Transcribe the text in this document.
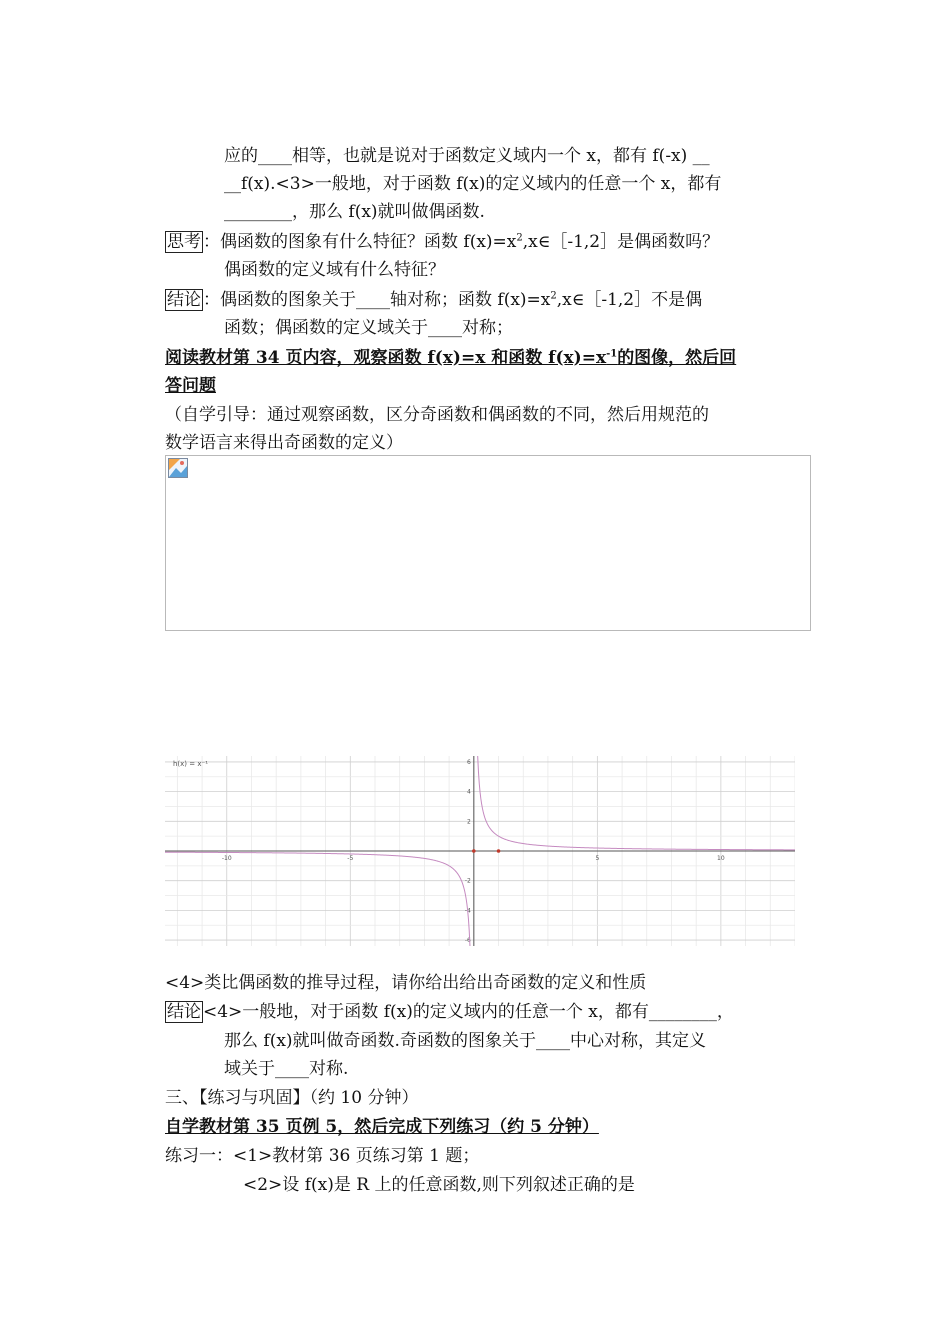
应的____相等，也就是说对于函数定义域内一个 x，都有 f(-x) __
__f(x).<3>一般地，对于函数 f(x)的定义域内的任意一个 x，都有
________，那么 f(x)就叫做偶函数.
思考 ：偶函数的图象有什么特征？函数 $f(x)=x^2,x\in[-1,2]$是偶函数吗？
偶函数的定义域有什么特征？
结论 ：偶函数的图象关于____轴对称；函数 $f(x)=x^2,x\in[-1,2]$不是偶
函数；偶函数的定义域关于____对称；
阅读教材第 34 页内容，观察函数 f(x)=x 和函数 $f(x)=x^{-1}$的图像，然后回
答问题
（自学引导：通过观察函数，区分奇函数和偶函数的不同，然后用规范的
数学语言来得出奇函数的定义）
-10	-5	5	10
-6
-4
-2
2
4
6
h(x) = x⁻¹
<4>类比偶函数的推导过程，请你给出给出奇函数的定义和性质
结论 <4>一般地，对于函数 f(x)的定义域内的任意一个 x，都有________，
那么 f(x)就叫做奇函数.奇函数的图象关于____中心对称，其定义
域关于____对称.
三、【练习与巩固】（约 10 分钟）
自学教材第 35 页例 5，然后完成下列练习（约 5 分钟）
练习一：<1>教材第 36 页练习第 1 题；
<2>设 f(x)是 R 上的任意函数,则下列叙述正确的是
